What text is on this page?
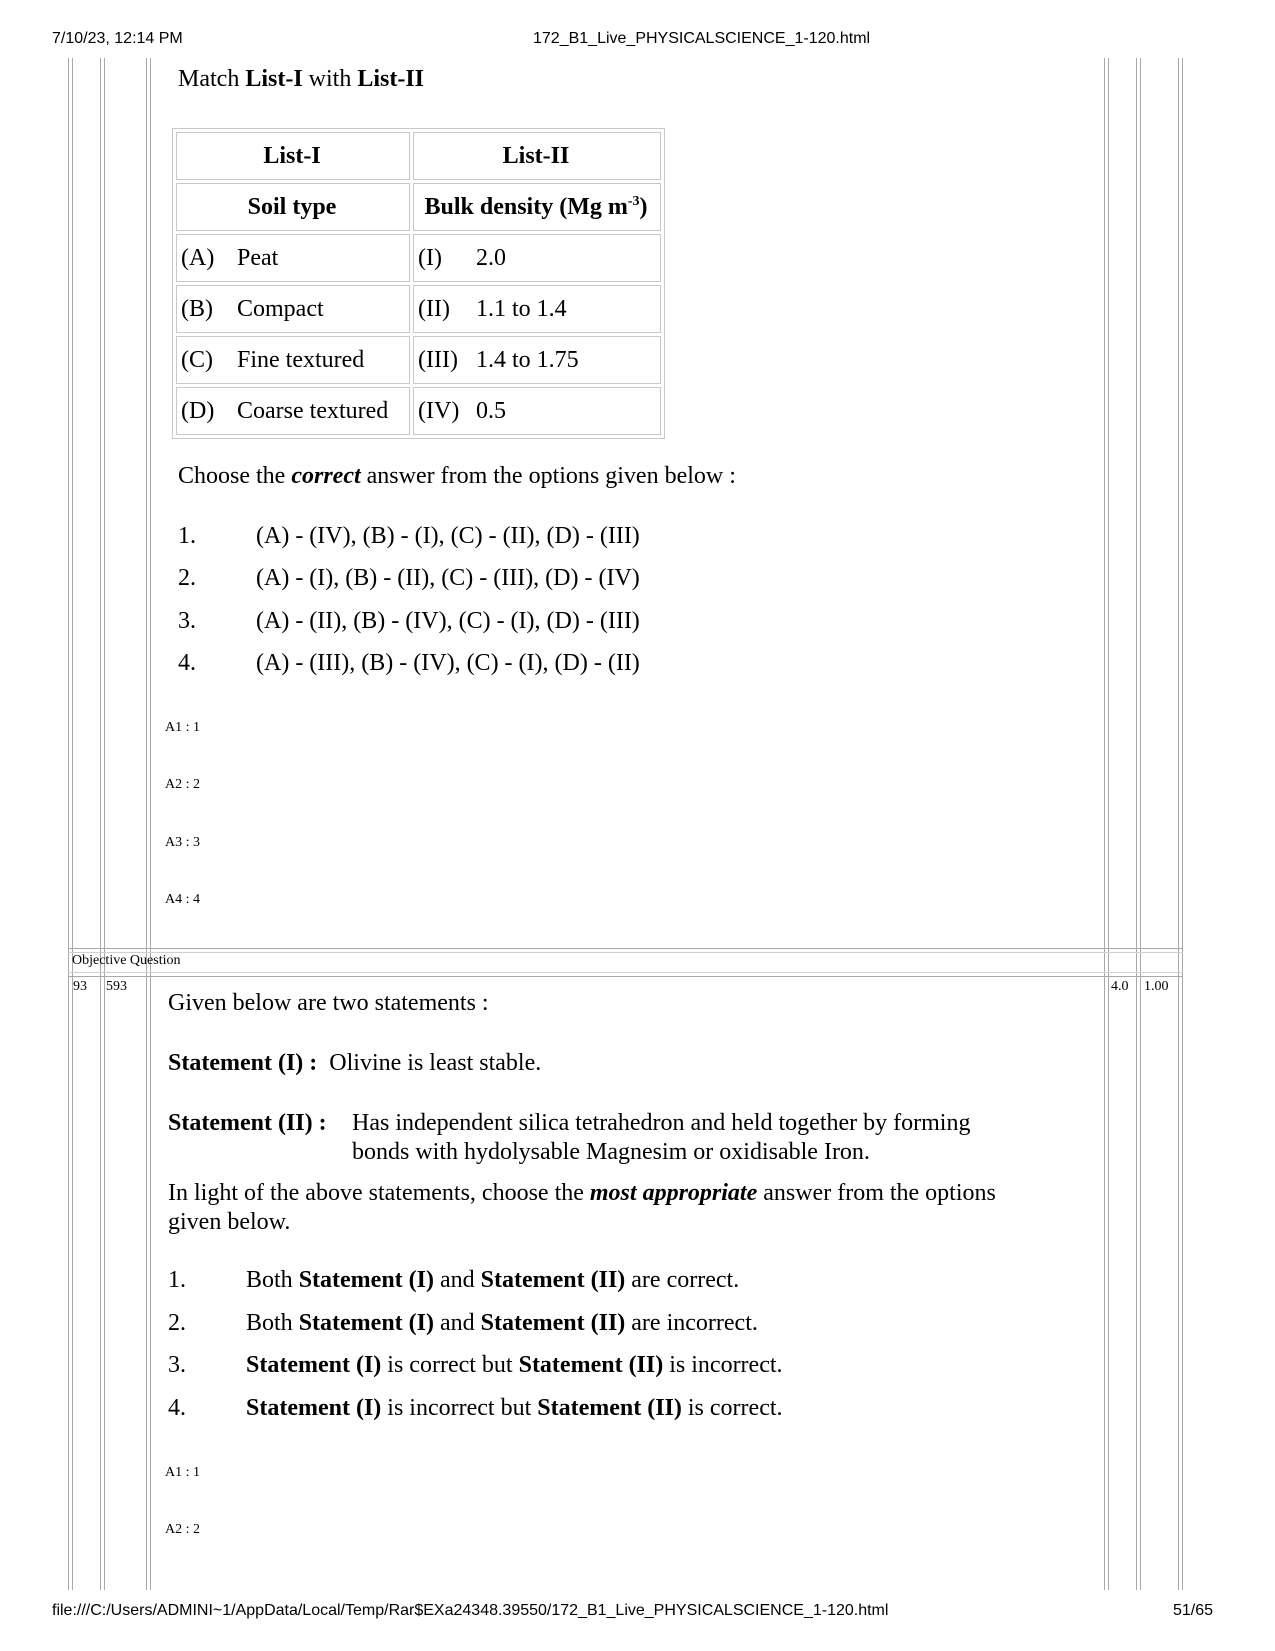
7/10/23, 12:14 PM	172_B1_Live_PHYSICALSCIENCE_1-120.html
Match List-I with List-II
List-I	List-II
Soil type	Bulk density (Mg $m^{-3}$)
(A) Peat	(I) 2.0
(B) Compact	(II) 1.1 to 1.4
(C) Fine textured	(III) 1.4 to 1.75
(D) Coarse textured	(IV) 0.5
Choose the correct answer from the options given below :
1.	(A) - (IV), (B) - (I), (C) - (II), (D) - (III)
2.	(A) - (I), (B) - (II), (C) - (III), (D) - (IV)
3.	(A) - (II), (B) - (IV), (C) - (I), (D) - (III)
4.	(A) - (III), (B) - (IV), (C) - (I), (D) - (II)
A1 : 1
A2 : 2
A3 : 3
A4 : 4
Objective Question
93 593	4.0 1.00
Given below are two statements :
Statement (I) : Olivine is least stable.
Statement (II) : Has independent silica tetrahedron and held together by forming
bonds with hydolysable Magnesim or oxidisable Iron.
In light of the above statements, choose the most appropriate answer from the options
given below.
1.	Both Statement (I) and Statement (II) are correct.
2.	Both Statement (I) and Statement (II) are incorrect.
3.	Statement (I) is correct but Statement (II) is incorrect.
4.	Statement (I) is incorrect but Statement (II) is correct.
A1 : 1
A2 : 2
file:///C:/Users/ADMINI~1/AppData/Local/Temp/Rar$EXa24348.39550/172_B1_Live_PHYSICALSCIENCE_1-120.html	51/65
